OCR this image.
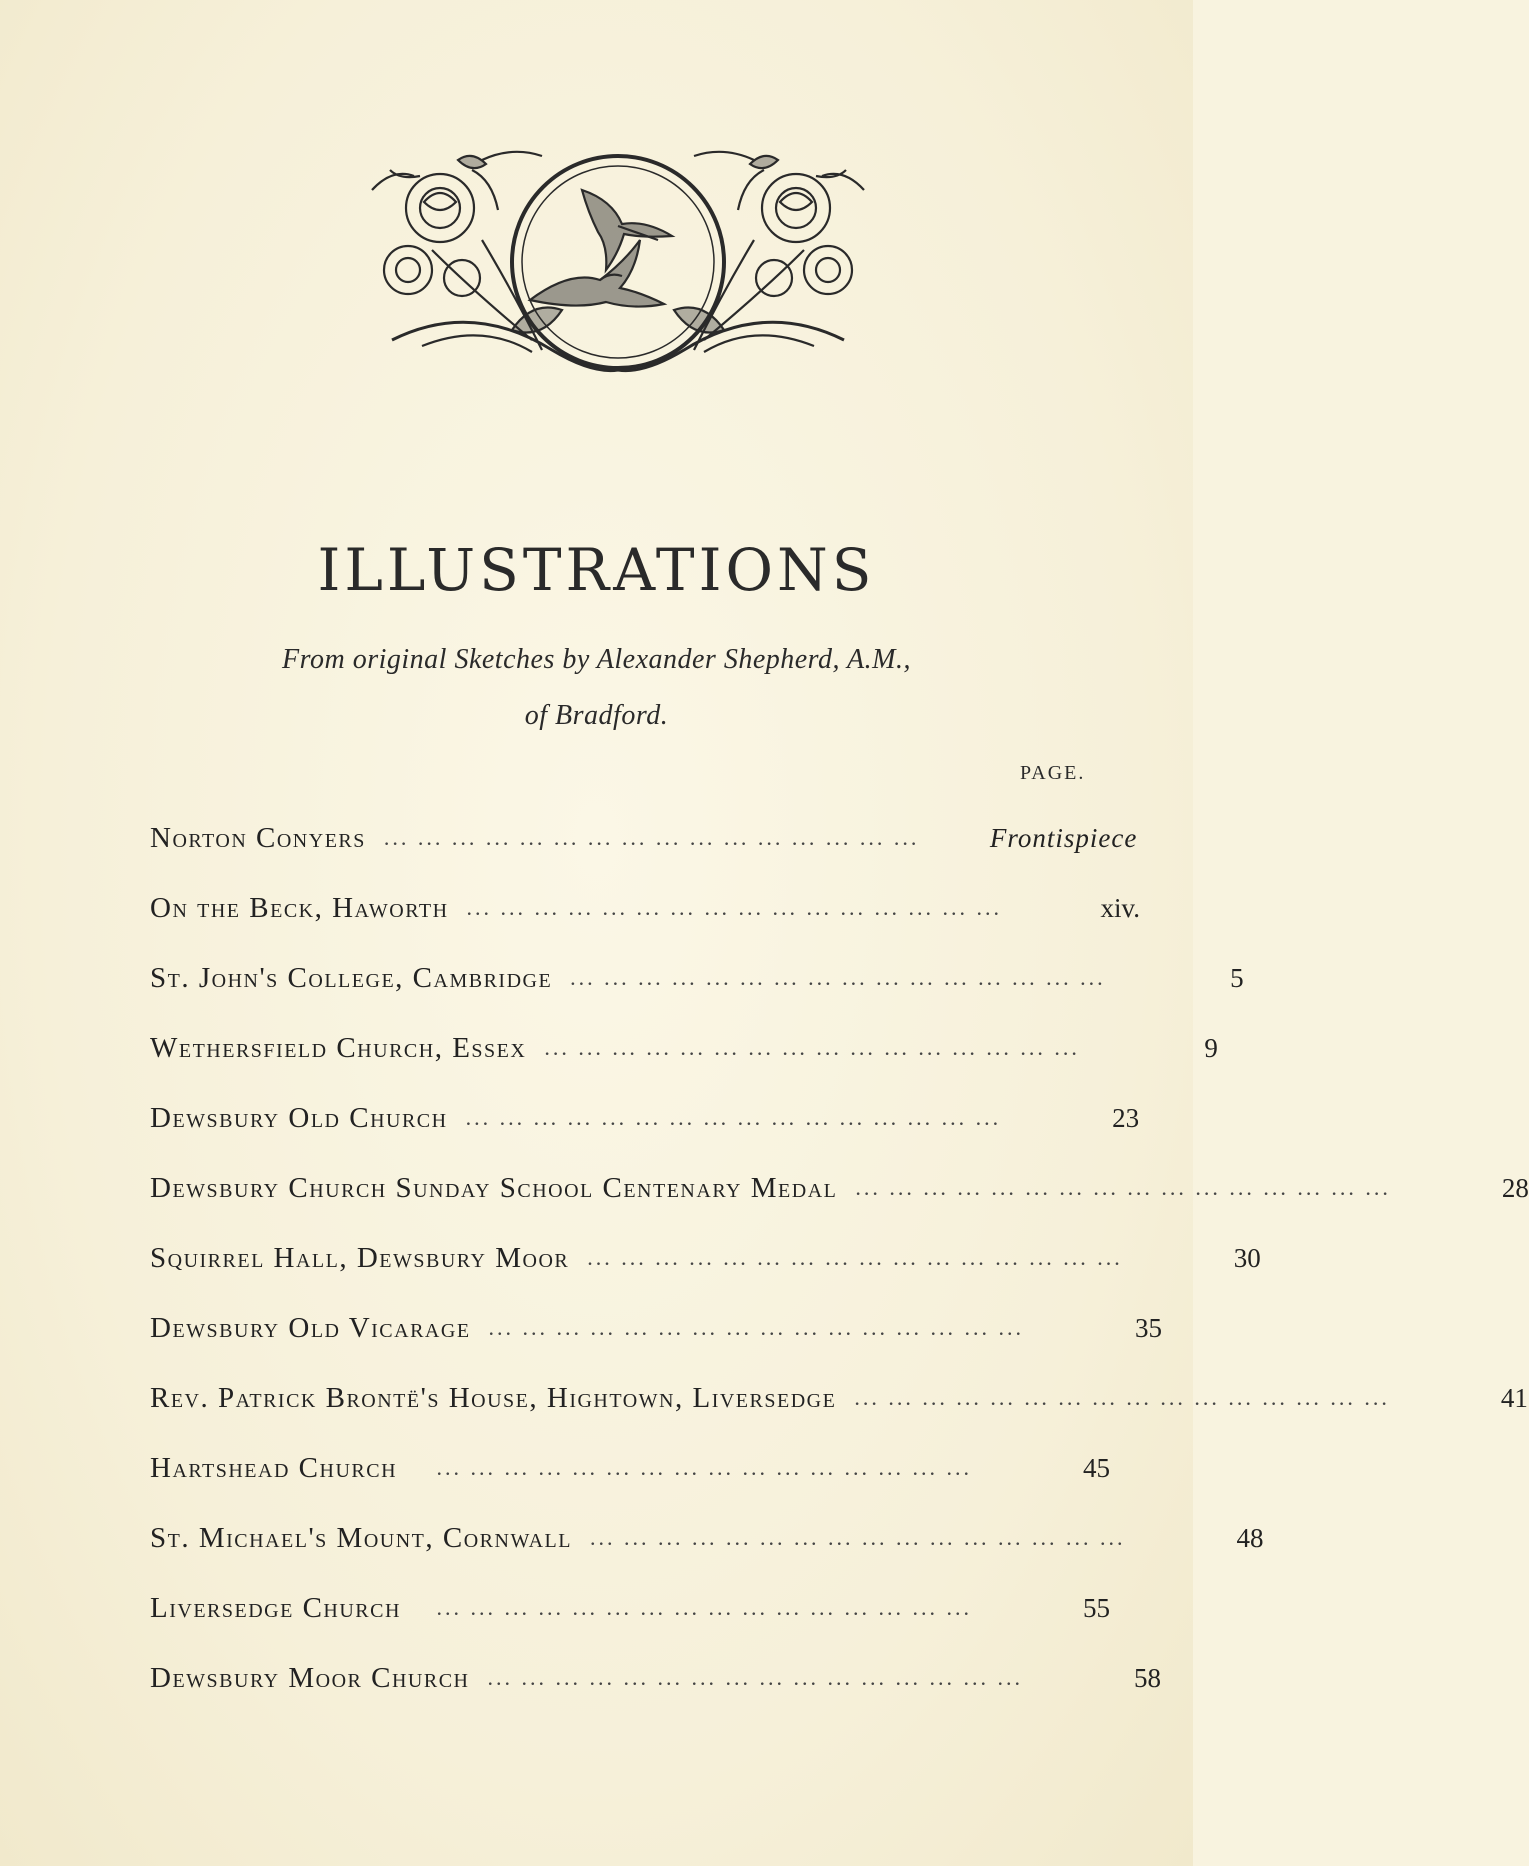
ILLUSTRATIONS
From original Sketches by Alexander Shepherd, A.M.,
of Bradford.
PAGE.
Norton Conyers ... ... ... ... ... ... ... ... ... ... ... ... ... ... ... ...	Frontispiece
On the Beck, Haworth ... ... ... ... ... ... ... ... ... ... ... ... ... ... ... ...	xiv.
St. John's College, Cambridge ... ... ... ... ... ... ... ... ... ... ... ... ... ... ... ...	5
Wethersfield Church, Essex ... ... ... ... ... ... ... ... ... ... ... ... ... ... ... ...	9
Dewsbury Old Church ... ... ... ... ... ... ... ... ... ... ... ... ... ... ... ...	23
Dewsbury Church Sunday School Centenary Medal ... ... ... ... ... ... ... ... ... ... ... ... ... ... ... ...	28
Squirrel Hall, Dewsbury Moor ... ... ... ... ... ... ... ... ... ... ... ... ... ... ... ...	30
Dewsbury Old Vicarage ... ... ... ... ... ... ... ... ... ... ... ... ... ... ... ...	35
Rev. Patrick Brontë's House, Hightown, Liversedge ... ... ... ... ... ... ... ... ... ... ... ... ... ... ... ...	41
Hartshead Church	... ... ... ... ... ... ... ... ... ... ... ... ... ... ... ...	45
St. Michael's Mount, Cornwall ... ... ... ... ... ... ... ... ... ... ... ... ... ... ... ...	48
Liversedge Church	... ... ... ... ... ... ... ... ... ... ... ... ... ... ... ...	55
Dewsbury Moor Church ... ... ... ... ... ... ... ... ... ... ... ... ... ... ... ...	58
